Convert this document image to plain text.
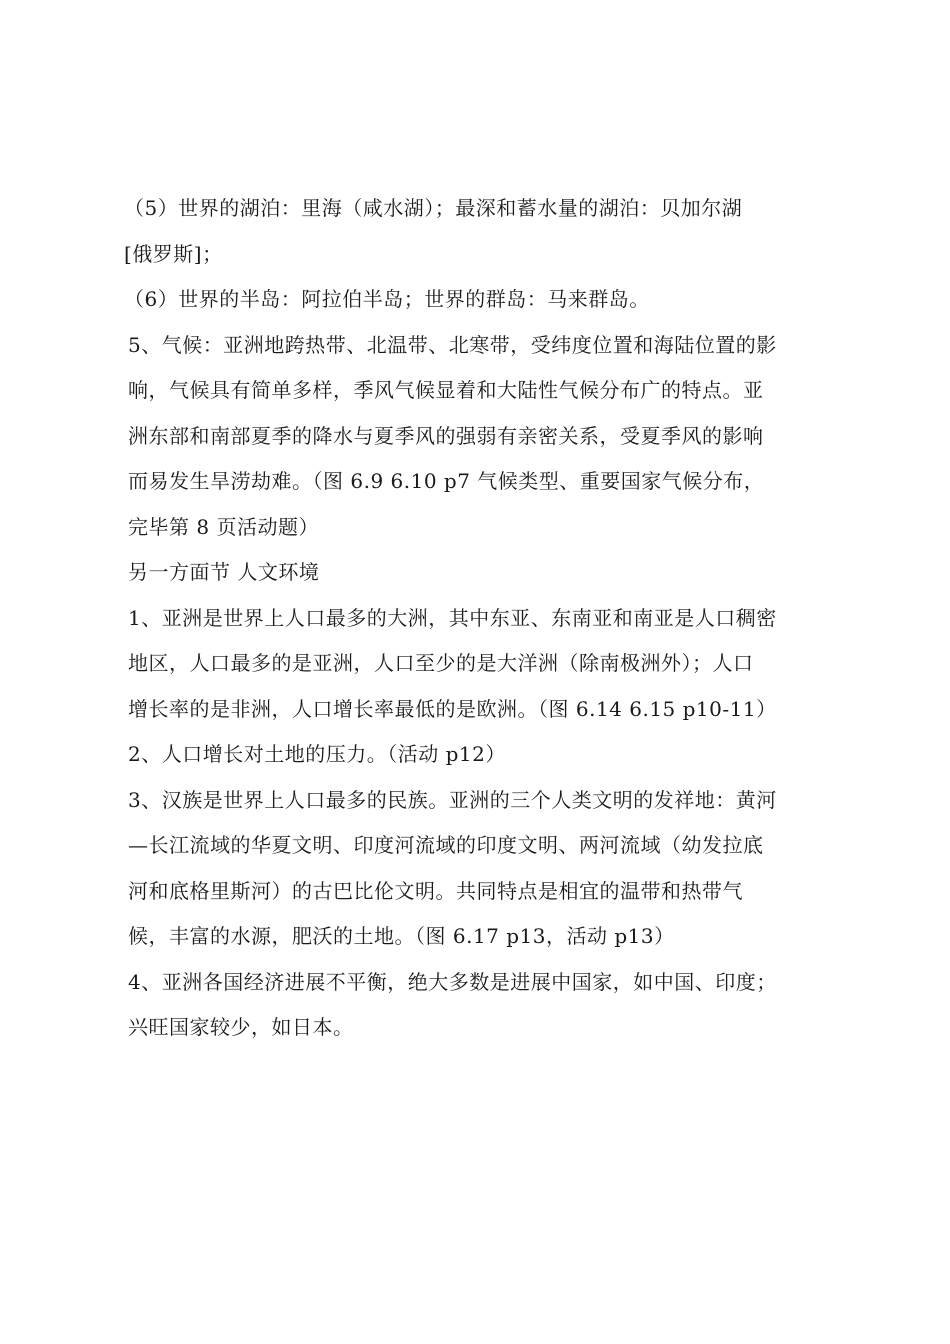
（5）世界的湖泊：里海（咸水湖）；最深和蓄水量的湖泊：贝加尔湖
[俄罗斯]；
（6）世界的半岛：阿拉伯半岛；世界的群岛：马来群岛。
5、气候：亚洲地跨热带、北温带、北寒带，受纬度位置和海陆位置的影
响，气候具有简单多样，季风气候显着和大陆性气候分布广的特点。亚
洲东部和南部夏季的降水与夏季风的强弱有亲密关系，受夏季风的影响
而易发生旱涝劫难。（图 6.9 6.10 p7 气候类型、重要国家气候分布，
完毕第 8 页活动题）
另一方面节 人文环境
1、亚洲是世界上人口最多的大洲，其中东亚、东南亚和南亚是人口稠密
地区，人口最多的是亚洲，人口至少的是大洋洲（除南极洲外）；人口
增长率的是非洲，人口增长率最低的是欧洲。（图 6.14 6.15 p10-11）
2、人口增长对土地的压力。（活动 p12）
3、汉族是世界上人口最多的民族。亚洲的三个人类文明的发祥地：黄河
—长江流域的华夏文明、印度河流域的印度文明、两河流域（幼发拉底
河和底格里斯河）的古巴比伦文明。共同特点是相宜的温带和热带气
候，丰富的水源，肥沃的土地。（图 6.17 p13，活动 p13）
4、亚洲各国经济进展不平衡，绝大多数是进展中国家，如中国、印度；
兴旺国家较少，如日本。
